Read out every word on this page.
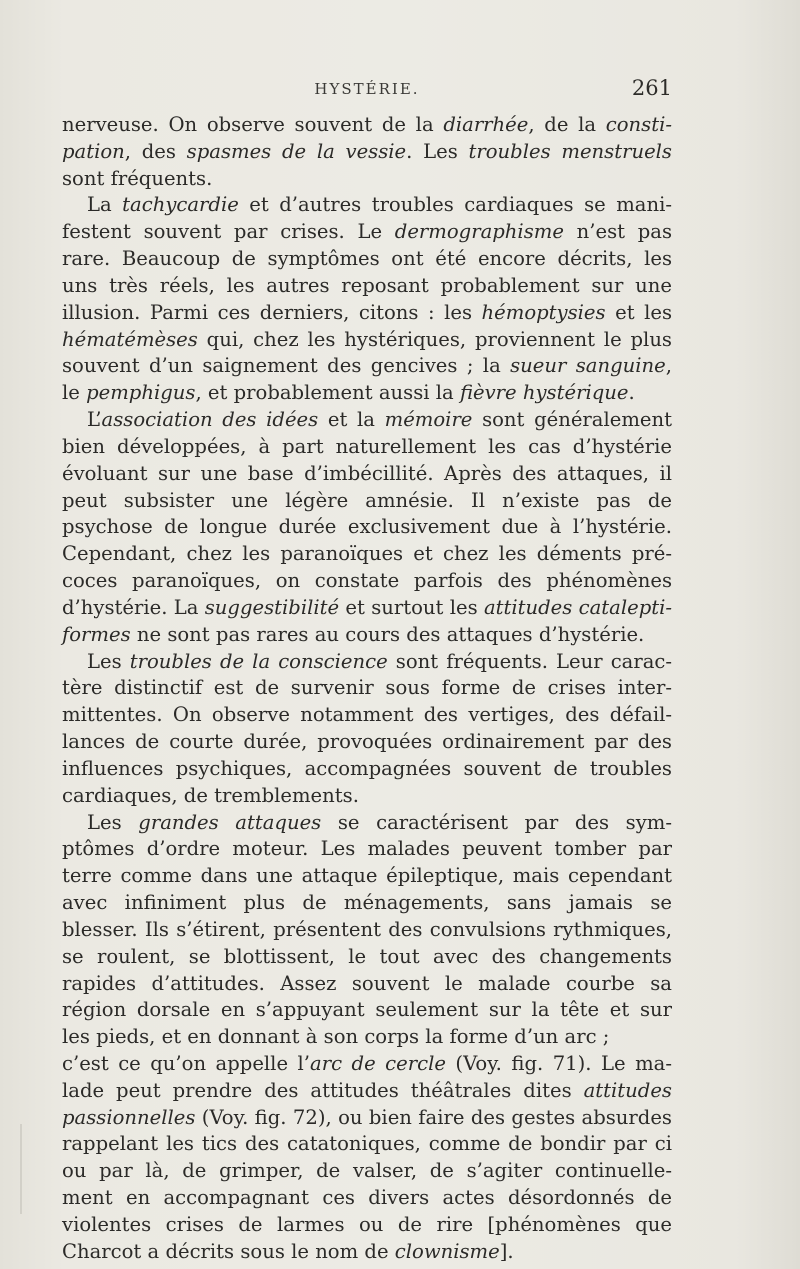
HYSTÉRIE.	261
nerveuse. On observe souvent de la diarrhée, de la consti-
pation, des spasmes de la vessie. Les troubles menstruels
sont fréquents.
La tachycardie et d’autres troubles cardiaques se mani-
festent souvent par crises. Le dermographisme n’est pas
rare. Beaucoup de symptômes ont été encore décrits, les
uns très réels, les autres reposant probablement sur une
illusion. Parmi ces derniers, citons : les hémoptysies et les
hématémèses qui, chez les hystériques, proviennent le plus
souvent d’un saignement des gencives ; la sueur sanguine,
le pemphigus, et probablement aussi la fièvre hystérique.
L’association des idées et la mémoire sont généralement
bien développées, à part naturellement les cas d’hystérie
évoluant sur une base d’imbécillité. Après des attaques, il
peut subsister une légère amnésie. Il n’existe pas de
psychose de longue durée exclusivement due à l’hystérie.
Cependant, chez les paranoïques et chez les déments pré-
coces paranoïques, on constate parfois des phénomènes
d’hystérie. La suggestibilité et surtout les attitudes catalepti-
formes ne sont pas rares au cours des attaques d’hystérie.
Les troubles de la conscience sont fréquents. Leur carac-
tère distinctif est de survenir sous forme de crises inter-
mittentes. On observe notamment des vertiges, des défail-
lances de courte durée, provoquées ordinairement par des
influences psychiques, accompagnées souvent de troubles
cardiaques, de tremblements.
Les grandes attaques se caractérisent par des sym-
ptômes d’ordre moteur. Les malades peuvent tomber par
terre comme dans une attaque épileptique, mais cependant
avec infiniment plus de ménagements, sans jamais se
blesser. Ils s’étirent, présentent des convulsions rythmiques,
se roulent, se blottissent, le tout avec des changements
rapides d’attitudes. Assez souvent le malade courbe sa
région dorsale en s’appuyant seulement sur la tête et sur
les pieds, et en donnant à son corps la forme d’un arc ;
c’est ce qu’on appelle l’arc de cercle (Voy. fig. 71). Le ma-
lade peut prendre des attitudes théâtrales dites attitudes
passionnelles (Voy. fig. 72), ou bien faire des gestes absurdes
rappelant les tics des catatoniques, comme de bondir par ci
ou par là, de grimper, de valser, de s’agiter continuelle-
ment en accompagnant ces divers actes désordonnés de
violentes crises de larmes ou de rire [phénomènes que
Charcot a décrits sous le nom de clownisme].
